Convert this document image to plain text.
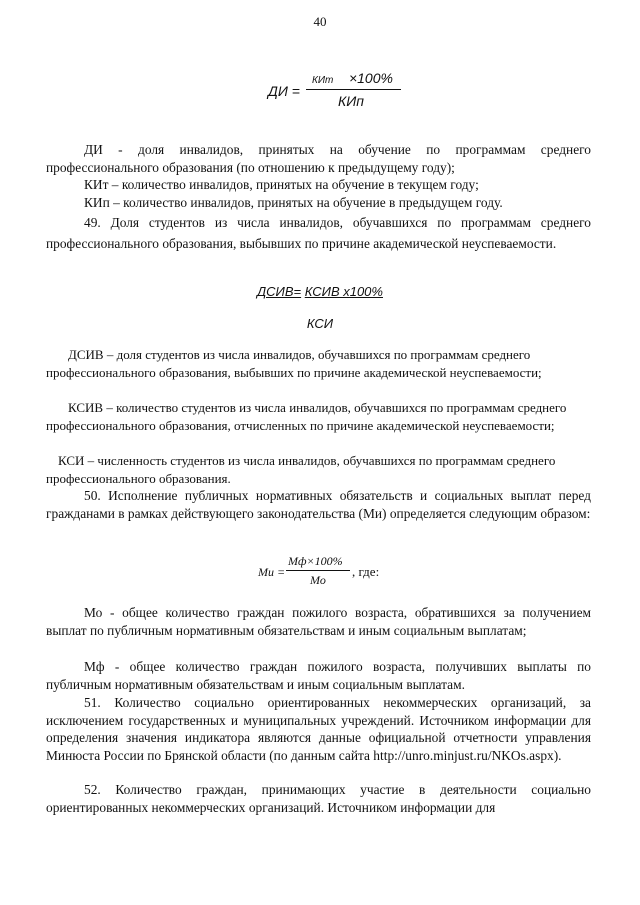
40
ДИ =
КИт ×100%
КИп
ДИ - доля инвалидов, принятых на обучение по программам среднего профессионального образования (по отношению к предыдущему году);
КИт – количество инвалидов, принятых на обучение в текущем году;
КИп – количество инвалидов, принятых на обучение в предыдущем году.
49. Доля студентов из числа инвалидов, обучавшихся по программам среднего профессионального образования, выбывших по причине академической неуспеваемости.
ДСИВ= КСИВ х100%
КСИ
ДСИВ – доля студентов из числа инвалидов, обучавшихся по программам среднего профессионального образования, выбывших по причине академической неуспеваемости;
КСИВ – количество студентов из числа инвалидов, обучавшихся по программам среднего профессионального образования, отчисленных по причине академической неуспеваемости;
КСИ – численность студентов из числа инвалидов, обучавшихся по программам среднего профессионального образования.
50. Исполнение публичных нормативных обязательств и социальных выплат перед гражданами в рамках действующего законодательства (Ми) определяется следующим образом:
Ми =
Мф×100%
Мо
, где:
Мо - общее количество граждан пожилого возраста, обратившихся за получением выплат по публичным нормативным обязательствам и иным социальным выплатам;
Мф - общее количество граждан пожилого возраста, получивших выплаты по публичным нормативным обязательствам и иным социальным выплатам.
51. Количество социально ориентированных некоммерческих организаций, за исключением государственных и муниципальных учреждений. Источником информации для определения значения индикатора являются данные официальной отчетности управления Минюста России по Брянской области (по данным сайта http://unro.minjust.ru/NKOs.aspx).
52. Количество граждан, принимающих участие в деятельности социально ориентированных некоммерческих организаций. Источником информации для
